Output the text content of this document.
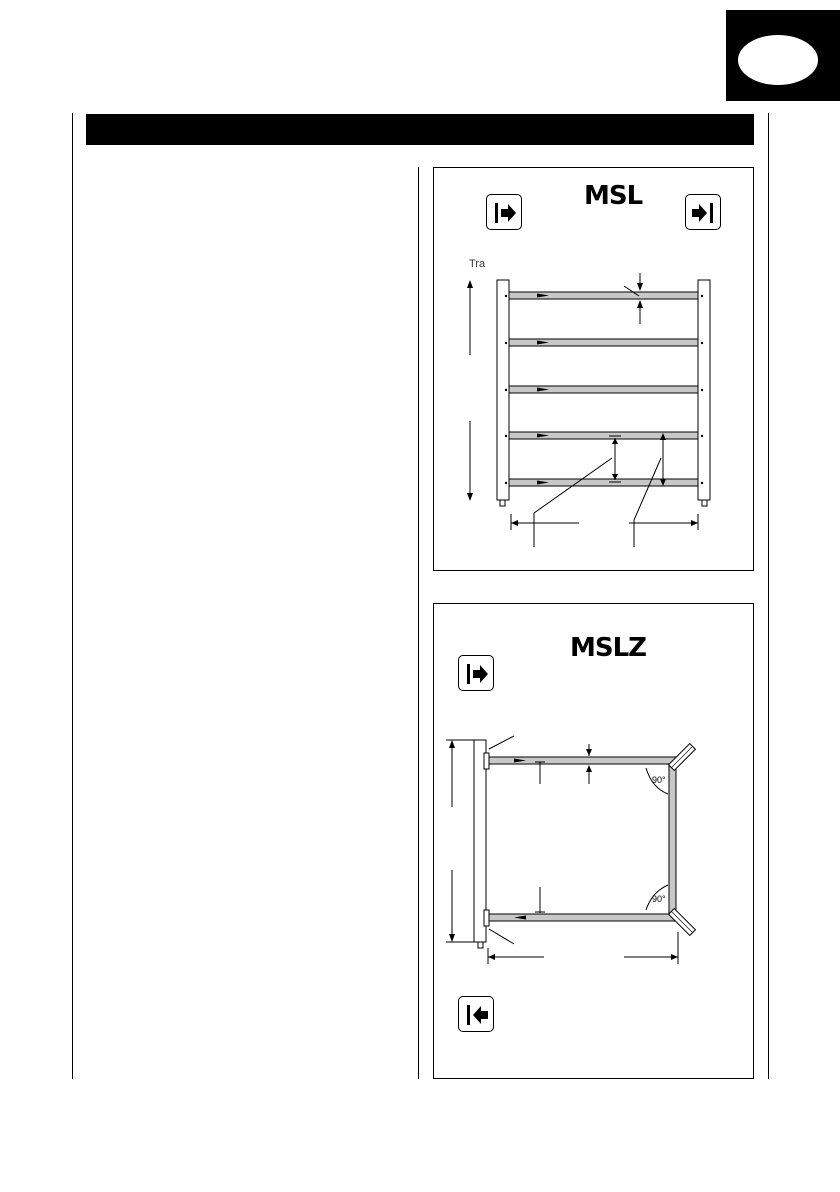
MSL
Tra
MSLZ
90°
90°
